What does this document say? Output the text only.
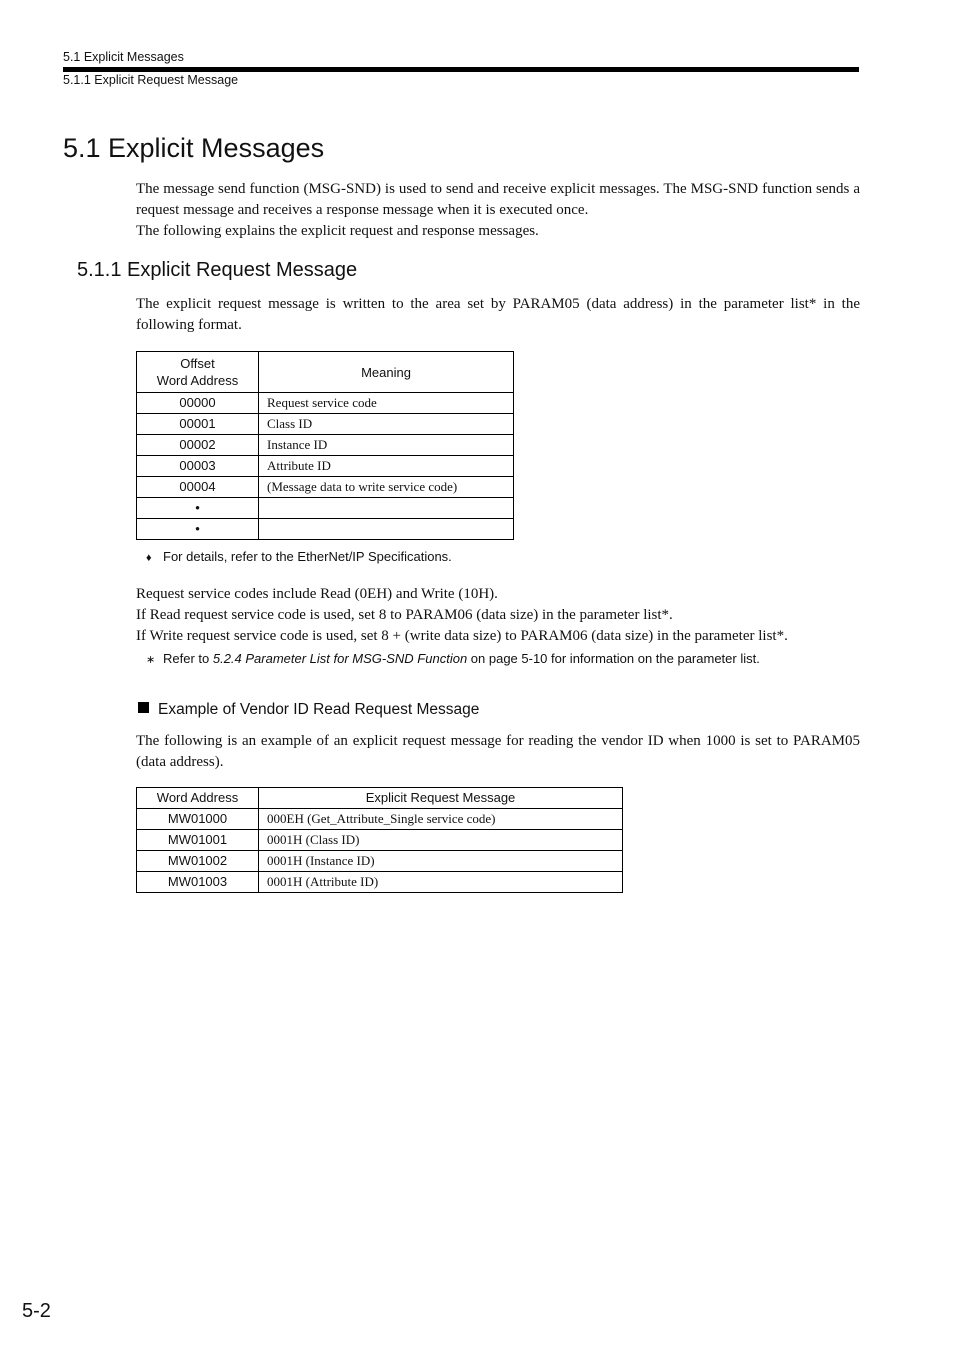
5.1 Explicit Messages
5.1.1 Explicit Request Message
5.1 Explicit Messages
The message send function (MSG-SND) is used to send and receive explicit messages. The MSG-SND function sends a request message and receives a response message when it is executed once.
The following explains the explicit request and response messages.
5.1.1 Explicit Request Message

The explicit request message is written to the area set by PARAM05 (data address) in the parameter list* in the following format.

Offset
Word Address	Meaning
00000	Request service code
00001	Class ID
00002	Instance ID
00003	Attribute ID
00004	(Message data to write service code)
•	
•	
♦ For details, refer to the EtherNet/IP Specifications.
Request service codes include Read (0EH) and Write (10H).
If Read request service code is used, set 8 to PARAM06 (data size) in the parameter list*.
If Write request service code is used, set 8 + (write data size) to PARAM06 (data size) in the parameter list*.
∗ Refer to 5.2.4 Parameter List for MSG-SND Function on page 5-10 for information on the parameter list.
Example of Vendor ID Read Request Message

The following is an example of an explicit request message for reading the vendor ID when 1000 is set to PARAM05 (data address).

Word Address	Explicit Request Message
MW01000	000EH (Get_Attribute_Single service code)
MW01001	0001H (Class ID)
MW01002	0001H (Instance ID)
MW01003	0001H (Attribute ID)
5-2
